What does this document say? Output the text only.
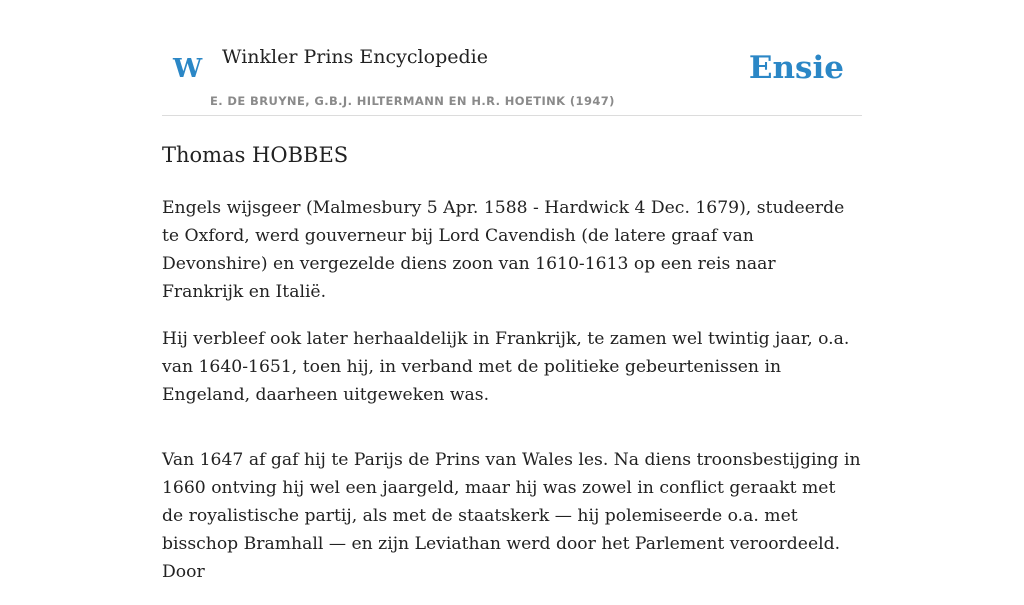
W Winkler Prins Encyclopedie
E. DE BRUYNE, G.B.J. HILTERMANN EN H.R. HOETINK (1947)
Ensie
Thomas HOBBES

Engels wijsgeer (Malmesbury 5 Apr. 1588 - Hardwick 4 Dec. 1679), studeerde te Oxford, werd gouverneur bij Lord Cavendish (de latere graaf van Devonshire) en vergezelde diens zoon van 1610-1613 op een reis naar Frankrijk en Italië.

Hij verbleef ook later herhaaldelijk in Frankrijk, te zamen wel twintig jaar, o.a. van 1640-1651, toen hij, in verband met de politieke gebeurtenissen in Engeland, daarheen uitgeweken was.

Van 1647 af gaf hij te Parijs de Prins van Wales les. Na diens troonsbestijging in 1660 ontving hij wel een jaargeld, maar hij was zowel in conflict geraakt met de royalistische partij, als met de staatskerk — hij polemiseerde o.a. met bisschop Bramhall — en zijn Leviathan werd door het Parlement veroordeeld. Door
